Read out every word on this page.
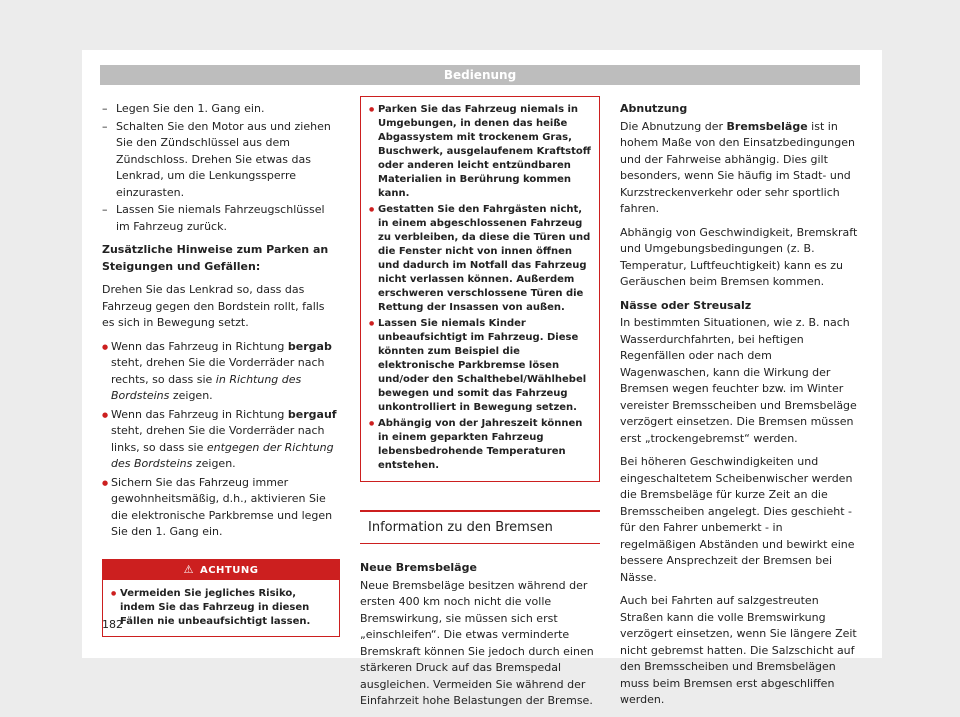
Bedienung

– Legen Sie den 1. Gang ein.

– Schalten Sie den Motor aus und ziehen Sie den Zündschlüssel aus dem Zündschloss. Drehen Sie etwas das Lenkrad, um die Lenkungssperre einzurasten.

– Lassen Sie niemals Fahrzeugschlüssel im Fahrzeug zurück.

Zusätzliche Hinweise zum Parken an Steigungen und Gefällen:

Drehen Sie das Lenkrad so, dass das Fahrzeug gegen den Bordstein rollt, falls es sich in Bewegung setzt.

● Wenn das Fahrzeug in Richtung bergab steht, drehen Sie die Vorderräder nach rechts, so dass sie in Richtung des Bordsteins zeigen.

● Wenn das Fahrzeug in Richtung bergauf steht, drehen Sie die Vorderräder nach links, so dass sie entgegen der Richtung des Bordsteins zeigen.

● Sichern Sie das Fahrzeug immer gewohnheitsmäßig, d.h., aktivieren Sie die elektronische Parkbremse und legen Sie den 1. Gang ein.

⚠ ACHTUNG

● Vermeiden Sie jegliches Risiko, indem Sie das Fahrzeug in diesen Fällen nie unbeaufsichtigt lassen.

● Parken Sie das Fahrzeug niemals in Umgebungen, in denen das heiße Abgassystem mit trockenem Gras, Buschwerk, ausgelaufenem Kraftstoff oder anderen leicht entzündbaren Materialien in Berührung kommen kann.

● Gestatten Sie den Fahrgästen nicht, in einem abgeschlossenen Fahrzeug zu verbleiben, da diese die Türen und die Fenster nicht von innen öffnen und dadurch im Notfall das Fahrzeug nicht verlassen können. Außerdem erschweren verschlossene Türen die Rettung der Insassen von außen.

● Lassen Sie niemals Kinder unbeaufsichtigt im Fahrzeug. Diese könnten zum Beispiel die elektronische Parkbremse lösen und/oder den Schalthebel/Wählhebel bewegen und somit das Fahrzeug unkontrolliert in Bewegung setzen.

● Abhängig von der Jahreszeit können in einem geparkten Fahrzeug lebensbedrohende Temperaturen entstehen.

Information zu den Bremsen

Neue Bremsbeläge

Neue Bremsbeläge besitzen während der ersten 400 km noch nicht die volle Bremswirkung, sie müssen sich erst „einschleifen“. Die etwas verminderte Bremskraft können Sie jedoch durch einen stärkeren Druck auf das Bremspedal ausgleichen. Vermeiden Sie während der Einfahrzeit hohe Belastungen der Bremse.

Abnutzung

Die Abnutzung der Bremsbeläge ist in hohem Maße von den Einsatzbedingungen und der Fahrweise abhängig. Dies gilt besonders, wenn Sie häufig im Stadt- und Kurzstreckenverkehr oder sehr sportlich fahren.

Abhängig von Geschwindigkeit, Bremskraft und Umgebungsbedingungen (z. B. Temperatur, Luftfeuchtigkeit) kann es zu Geräuschen beim Bremsen kommen.

Nässe oder Streusalz

In bestimmten Situationen, wie z. B. nach Wasserdurchfahrten, bei heftigen Regenfällen oder nach dem Wagenwaschen, kann die Wirkung der Bremsen wegen feuchter bzw. im Winter vereister Bremsscheiben und Bremsbeläge verzögert einsetzen. Die Bremsen müssen erst „trockengebremst“ werden.

Bei höheren Geschwindigkeiten und eingeschaltetem Scheibenwischer werden die Bremsbeläge für kurze Zeit an die Bremsscheiben angelegt. Dies geschieht - für den Fahrer unbemerkt - in regelmäßigen Abständen und bewirkt eine bessere Ansprechzeit der Bremsen bei Nässe.

Auch bei Fahrten auf salzgestreuten Straßen kann die volle Bremswirkung verzögert einsetzen, wenn Sie längere Zeit nicht gebremst hatten. Die Salzschicht auf den Bremsscheiben und Bremsbelägen muss beim Bremsen erst abgeschliffen werden.

182
